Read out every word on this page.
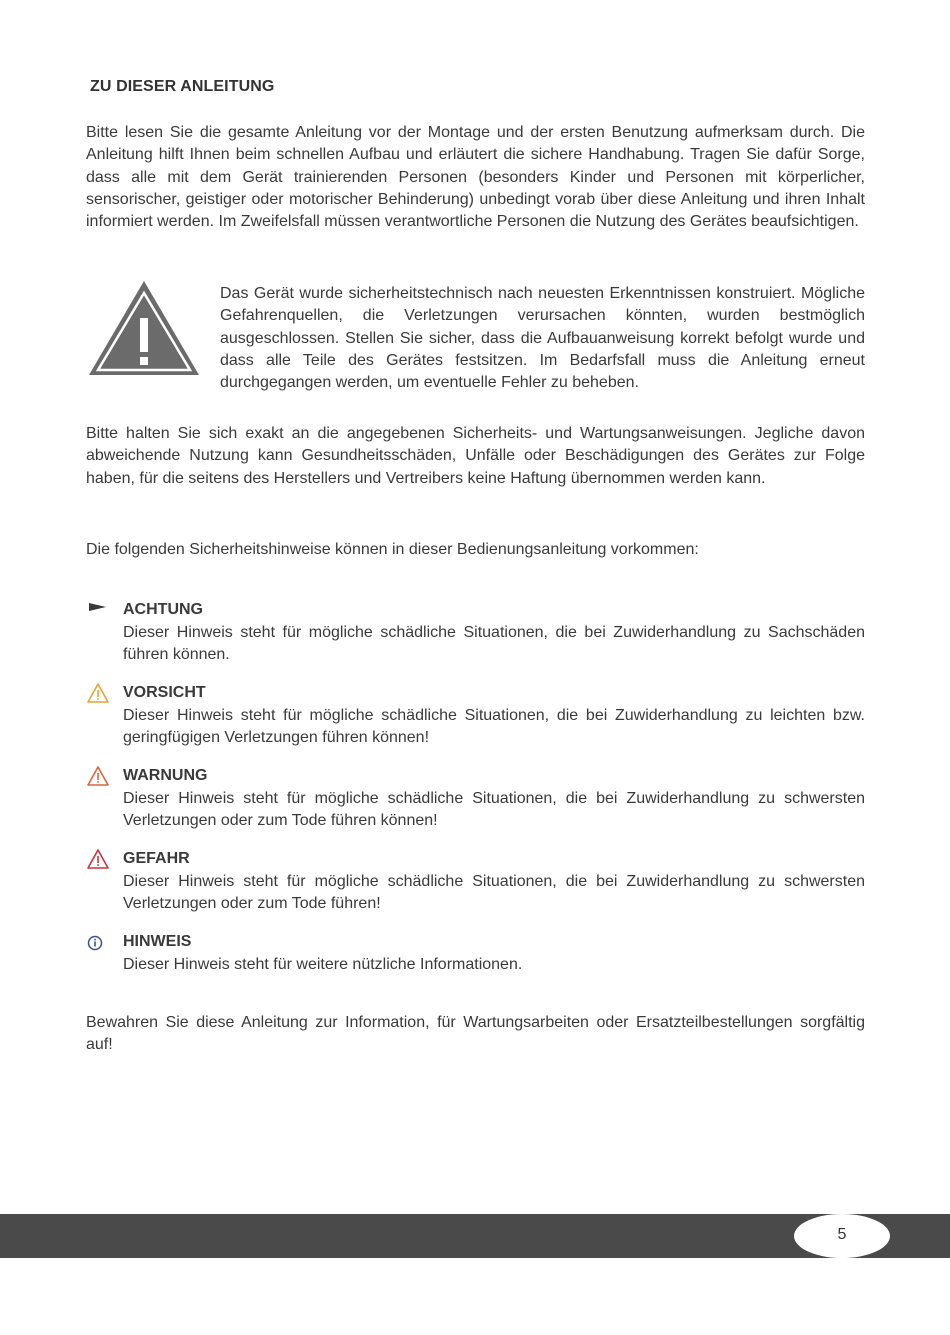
ZU DIESER ANLEITUNG
Bitte lesen Sie die gesamte Anleitung vor der Montage und der ersten Benutzung aufmerksam durch. Die Anleitung hilft Ihnen beim schnellen Aufbau und erläutert die sichere Handhabung. Tragen Sie dafür Sorge, dass alle mit dem Gerät trainierenden Personen (besonders Kinder und Personen mit körperlicher, sensorischer, geistiger oder motorischer Behinderung) unbedingt vorab über diese Anleitung und ihren Inhalt informiert werden. Im Zweifelsfall müssen verantwortliche Personen die Nutzung des Gerätes beaufsichtigen.
Das Gerät wurde sicherheitstechnisch nach neuesten Erkenntnissen konstruiert. Mögliche Gefahrenquellen, die Verletzungen verursachen könnten, wurden bestmöglich ausgeschlossen. Stellen Sie sicher, dass die Aufbauanweisung korrekt befolgt wurde und dass alle Teile des Gerätes festsitzen. Im Bedarfsfall muss die Anleitung erneut durchgegangen werden, um eventuelle Fehler zu beheben.
Bitte halten Sie sich exakt an die angegebenen Sicherheits- und Wartungsanweisungen. Jegliche davon abweichende Nutzung kann Gesundheitsschäden, Unfälle oder Beschädigungen des Gerätes zur Folge haben, für die seitens des Herstellers und Vertreibers keine Haftung übernommen werden kann.
Die folgenden Sicherheitshinweise können in dieser Bedienungsanleitung vorkommen:
ACHTUNG
Dieser Hinweis steht für mögliche schädliche Situationen, die bei Zuwiderhandlung zu Sachschäden führen können.
VORSICHT
Dieser Hinweis steht für mögliche schädliche Situationen, die bei Zuwiderhandlung zu leichten bzw. geringfügigen Verletzungen führen können!
WARNUNG
Dieser Hinweis steht für mögliche schädliche Situationen, die bei Zuwiderhandlung zu schwersten Verletzungen oder zum Tode führen können!
GEFAHR
Dieser Hinweis steht für mögliche schädliche Situationen, die bei Zuwiderhandlung zu schwersten Verletzungen oder zum Tode führen!
HINWEIS
Dieser Hinweis steht für weitere nützliche Informationen.
Bewahren Sie diese Anleitung zur Information, für Wartungsarbeiten oder Ersatzteilbestellungen sorgfältig auf!
5
